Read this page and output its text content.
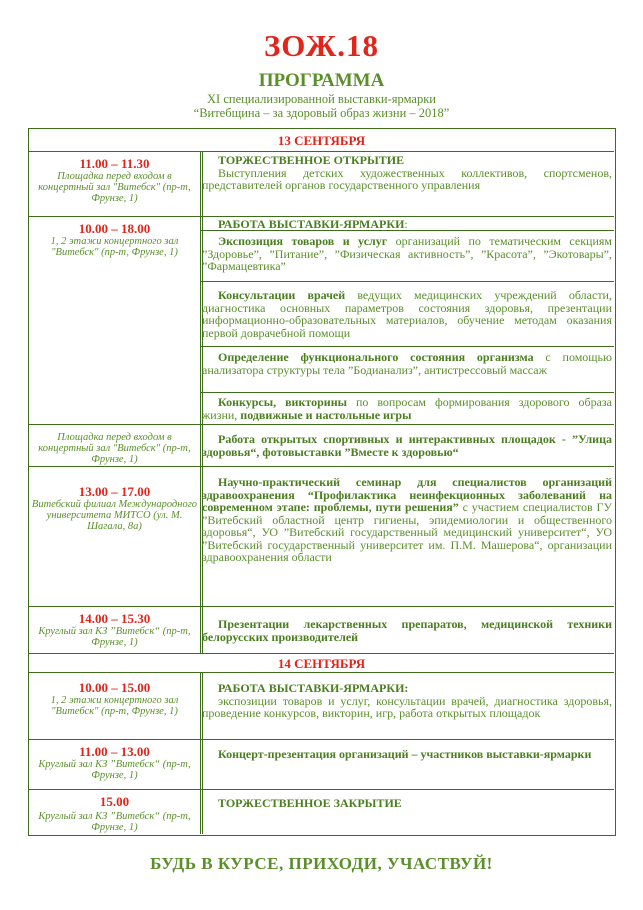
ЗОЖ.18
ПРОГРАММА
XI специализированной выставки-ярмарки
“Витебщина – за здоровый образ жизни – 2018”
13 СЕНТЯБРЯ
11.00 – 11.30
Площадка перед входом в концертный зал "Витебск" (пр-т, Фрунзе, 1)
ТОРЖЕСТВЕННОЕ ОТКРЫТИЕ
Выступления детских художественных коллективов, спортсменов, представителей органов государственного управления
10.00 – 18.00
1, 2 этажи концертного зал "Витебск" (пр-т, Фрунзе, 1)
РАБОТА ВЫСТАВКИ-ЯРМАРКИ:
Экспозиция товаров и услуг организаций по тематическим секциям ”Здоровье”, ”Питание”, ”Физическая активность”, ”Красота”, ”Экотовары”, ”Фармацевтика”
Консультации врачей ведущих медицинских учреждений области, диагностика основных параметров состояния здоровья, презентации информационно-образовательных материалов, обучение методам оказания первой доврачебной помощи
Определение функционального состояния организма с помощью анализатора структуры тела ”Бодианализ”, антистрессовый массаж
Конкурсы, викторины по вопросам формирования здорового образа жизни, подвижные и настольные игры
Площадка перед входом в концертный зал "Витебск" (пр-т, Фрунзе, 1)
Работа открытых спортивных и интерактивных площадок - ”Улица здоровья“, фотовыставки ”Вместе к здоровью“
13.00 – 17.00
Витебский филиал Международного университета МИТСО (ул. М. Шагала, 8а)
Научно-практический семинар для специалистов организаций здравоохранения “Профилактика неинфекционных заболеваний на современном этапе: проблемы, пути решения” с участием специалистов ГУ ”Витебский областной центр гигиены, эпидемиологии и общественного здоровья“, УО ”Витебский государственный медицинский университет“, УО ”Витебский государственный университет им. П.М. Машерова“, организации здравоохранения области
14.00 – 15.30
Круглый зал КЗ ”Витебск“ (пр-т, Фрунзе, 1)
Презентации лекарственных препаратов, медицинской техники белорусских производителей
14 СЕНТЯБРЯ
10.00 – 15.00
1, 2 этажи концертного зал "Витебск" (пр-т, Фрунзе, 1)
РАБОТА ВЫСТАВКИ-ЯРМАРКИ:
экспозиции товаров и услуг, консультации врачей, диагностика здоровья, проведение конкурсов, викторин, игр, работа открытых площадок
11.00 – 13.00
Круглый зал КЗ ”Витебск“ (пр-т, Фрунзе, 1)
Концерт-презентация организаций – участников выставки-ярмарки
15.00
Круглый зал КЗ ”Витебск“ (пр-т, Фрунзе, 1)
ТОРЖЕСТВЕННОЕ ЗАКРЫТИЕ
БУДЬ В КУРСЕ, ПРИХОДИ, УЧАСТВУЙ!
